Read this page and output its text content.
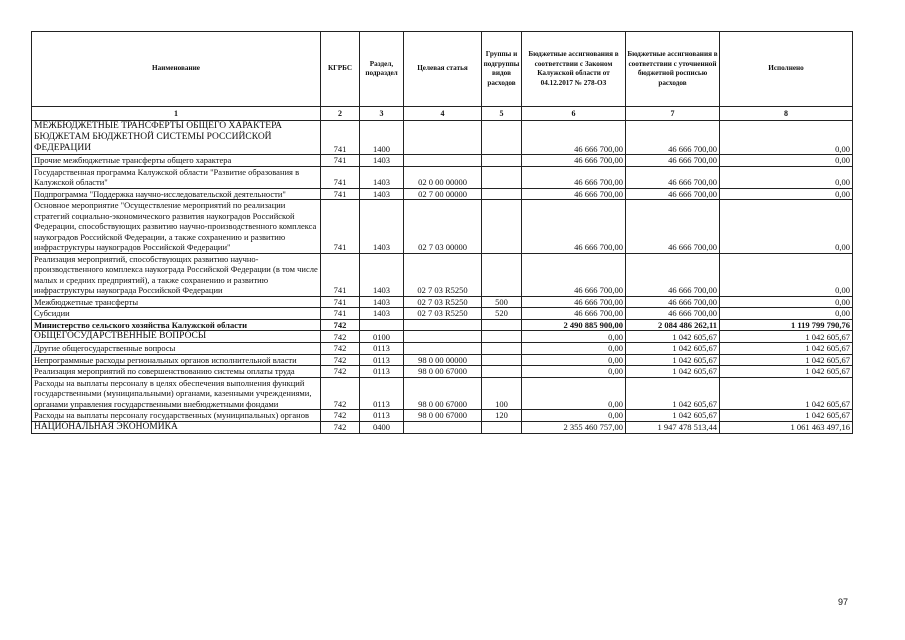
Наименование	КГРБС	Раздел, подраздел	Целевая статья	Группы и подгруппы видов расходов	Бюджетные ассигнования в соответствии с Законом Калужской области от 04.12.2017 № 278-ОЗ	Бюджетные ассигнования в соответствии с уточненной бюджетной росписью расходов	Исполнено
1	2	3	4	5	6	7	8
МЕЖБЮДЖЕТНЫЕ ТРАНСФЕРТЫ ОБЩЕГО ХАРАКТЕРА БЮДЖЕТАМ БЮДЖЕТНОЙ СИСТЕМЫ РОССИЙСКОЙ ФЕДЕРАЦИИ	741	1400			46 666 700,00	46 666 700,00	0,00
Прочие межбюджетные трансферты общего характера	741	1403			46 666 700,00	46 666 700,00	0,00
Государственная программа Калужской области "Развитие образования в Калужской области"	741	1403	02 0 00 00000		46 666 700,00	46 666 700,00	0,00
Подпрограмма "Поддержка научно-исследовательской деятельности"	741	1403	02 7 00 00000		46 666 700,00	46 666 700,00	0,00
Основное мероприятие "Осуществление мероприятий по реализации стратегий социально-экономического развития наукоградов Российской Федерации, способствующих развитию научно-производственного комплекса наукоградов Российской Федерации, а также сохранению и развитию инфраструктуры наукоградов Российской Федерации"	741	1403	02 7 03 00000		46 666 700,00	46 666 700,00	0,00
Реализация мероприятий, способствующих развитию научно-производственного комплекса наукограда Российской Федерации (в том числе малых и средних предприятий), а также сохранению и развитию инфраструктуры наукограда Российской Федерации	741	1403	02 7 03 R5250		46 666 700,00	46 666 700,00	0,00
Межбюджетные трансферты	741	1403	02 7 03 R5250	500	46 666 700,00	46 666 700,00	0,00
Субсидии	741	1403	02 7 03 R5250	520	46 666 700,00	46 666 700,00	0,00
Министерство сельского хозяйства Калужской области	742				2 490 885 900,00	2 084 486 262,11	1 119 799 790,76
ОБЩЕГОСУДАРСТВЕННЫЕ ВОПРОСЫ	742	0100			0,00	1 042 605,67	1 042 605,67
Другие общегосударственные вопросы	742	0113			0,00	1 042 605,67	1 042 605,67
Непрограммные расходы региональных органов исполнительной власти	742	0113	98 0 00 00000		0,00	1 042 605,67	1 042 605,67
Реализация мероприятий по совершенствованию системы оплаты труда	742	0113	98 0 00 67000		0,00	1 042 605,67	1 042 605,67
Расходы на выплаты персоналу в целях обеспечения выполнения функций государственными (муниципальными) органами, казенными учреждениями, органами управления государственными внебюджетными фондами	742	0113	98 0 00 67000	100	0,00	1 042 605,67	1 042 605,67
Расходы на выплаты персоналу государственных (муниципальных) органов	742	0113	98 0 00 67000	120	0,00	1 042 605,67	1 042 605,67
НАЦИОНАЛЬНАЯ ЭКОНОМИКА	742	0400			2 355 460 757,00	1 947 478 513,44	1 061 463 497,16
97
